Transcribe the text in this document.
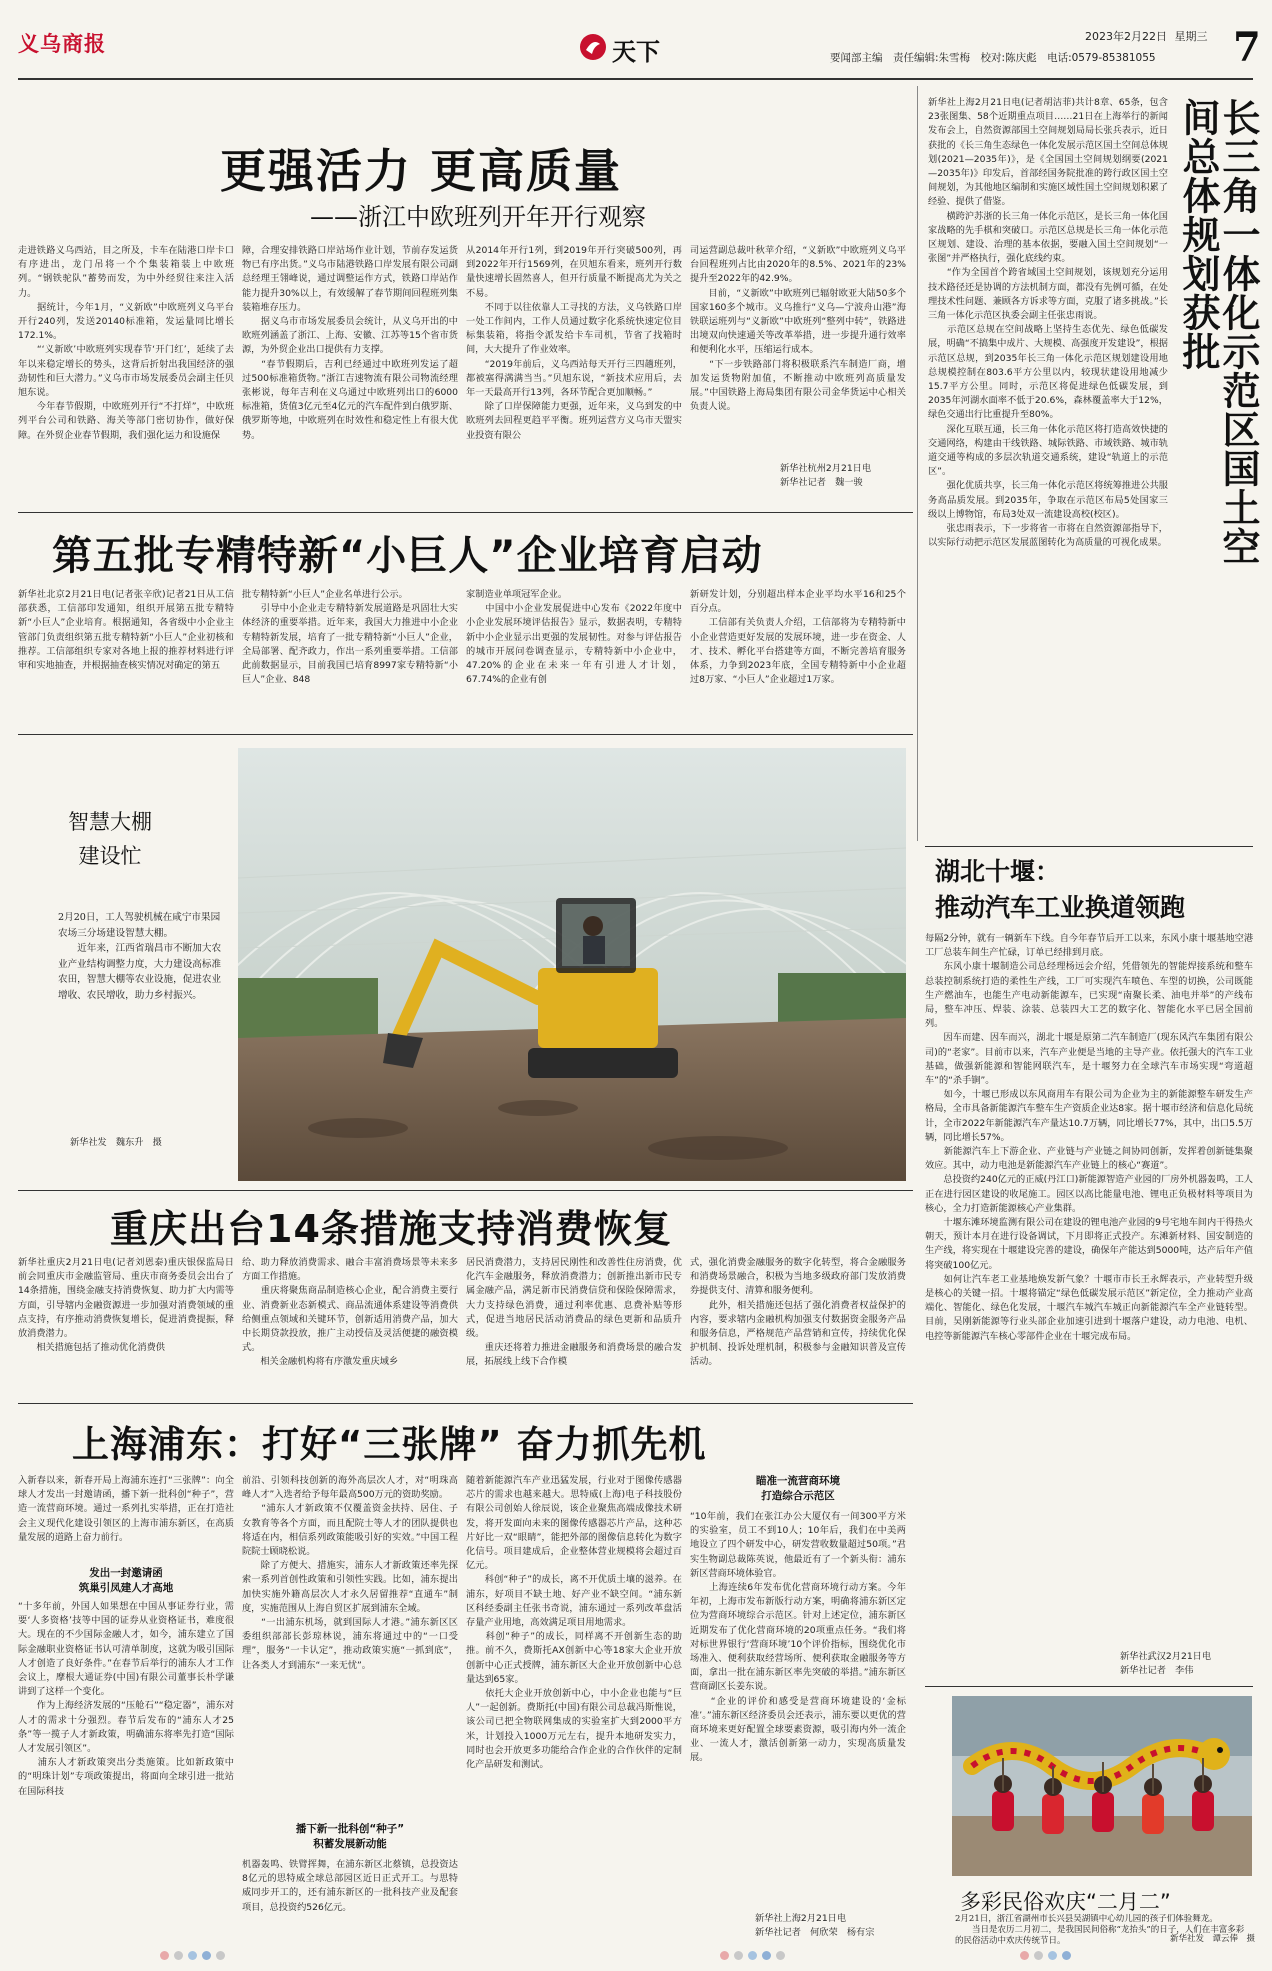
义乌商报	天下
2023年2月22日 星期三
要闻部主编　责任编辑:朱雪梅　校对:陈庆彪　电话:0579-85381055 7
更强活力 更高质量
——浙江中欧班列开年开行观察
走进铁路义乌西站，目之所及，卡车在陆港口岸卡口有序进出，龙门吊将一个个集装箱装上中欧班列。“钢铁驼队”蓄势而发，为中外经贸往来注入活力。
　　据统计，今年1月，“义新欧”中欧班列义乌平台开行240列，发送20140标准箱，发运量同比增长172.1%。
　　“‘义新欧’中欧班列实现春节‘开门红’，延续了去年以来稳定增长的势头，这背后折射出我国经济的强劲韧性和巨大潜力。”义乌市市场发展委员会副主任贝旭东说。
　　今年春节假期，中欧班列开行“不打烊”，中欧班列平台公司和铁路、海关等部门密切协作，做好保障。在外贸企业春节假期，我们强化运力和设施保
障，合理安排铁路口岸站场作业计划，节前存发运货物已有序出货。”义乌市陆港铁路口岸发展有限公司副总经理王翎峰说，通过调整运作方式，铁路口岸站作能力提升30%以上，有效缓解了春节期间回程班列集装箱堆存压力。
　　据义乌市市场发展委员会统计，从义乌开出的中欧班列涵盖了浙江、上海、安徽、江苏等15个省市货源，为外贸企业出口提供有力支撑。
　　“春节假期后，吉利已经通过中欧班列发运了超过500标准箱货物。”浙江吉速物流有限公司物流经理张彬说，每年吉利在义乌通过中欧班列出口的6000标准箱，货值3亿元至4亿元的汽车配件到白俄罗斯、俄罗斯等地，中欧班列在时效性和稳定性上有很大优势。
从2014年开行1列，到2019年开行突破500列，再到2022年开行1569列，在贝旭东看来，班列开行数量快速增长固然喜人，但开行质量不断提高尤为关之不易。
　　不同于以往依靠人工寻找的方法，义乌铁路口岸一处工作间内，工作人员通过数字化系统快速定位目标集装箱，将指令派发给卡车司机，节省了找箱时间，大大提升了作业效率。
　　“2019年前后，义乌西站每天开行三四趟班列，都被塞得满满当当。”贝旭东说，“新技术应用后，去年一天最高开行13列，各环节配合更加顺畅。”
　　除了口岸保障能力更强，近年来，义乌到发的中欧班列去回程更趋平平衡。班列运营方义乌市天盟实业投资有限公
司运营副总裁叶秋苹介绍，“义新欧”中欧班列义乌平台回程班列占比由2020年的8.5%、2021年的23%提升至2022年的42.9%。
　　目前，“义新欧”中欧班列已辐射欧亚大陆50多个国家160多个城市。义乌推行“义乌—宁波舟山港”海铁联运班列与“义新欧”中欧班列“整列中转”，铁路进出境双向快速通关等改革举措，进一步提升通行效率和便利化水平，压缩运行成本。
　　“下一步铁路部门将积极联系汽车制造厂商，增加发运货物附加值，不断推动中欧班列高质量发展。”中国铁路上海局集团有限公司金华货运中心相关负责人说。
新华社杭州2月21日电
新华社记者　魏一骏	长三角一体化示范区国土空间总体规划获批
新华社上海2月21日电(记者胡洁菲)共计8章、65条，包含23张图集、58个近期重点项目……21日在上海举行的新闻发布会上，自然资源部国土空间规划局局长张兵表示，近日获批的《长三角生态绿色一体化发展示范区国土空间总体规划(2021—2035年)》，是《全国国土空间规划纲要(2021—2035年)》印发后，首部经国务院批准的跨行政区国土空间规划，为其他地区编制和实施区域性国土空间规划积累了经验、提供了借鉴。
　　横跨沪苏浙的长三角一体化示范区，是长三角一体化国家战略的先手棋和突破口。示范区总规是长三角一体化示范区规划、建设、治理的基本依据，要融入国土空间规划“一张图”并严格执行，强化底线约束。
　　“作为全国首个跨省域国土空间规划，该规划充分运用技术路径还是协调的方法机制方面，都没有先例可循，在处理技术性问题、兼顾各方诉求等方面，克服了诸多挑战。”长三角一体化示范区执委会副主任张忠雨说。
　　示范区总规在空间战略上坚持生态优先、绿色低碳发展，明确“不搞集中成片、大规模、高强度开发建设”，根据示范区总规，到2035年长三角一体化示范区规划建设用地总规模控制在803.6平方公里以内，较现状建设用地减少15.7平方公里。同时，示范区将促进绿色低碳发展，到2035年河湖水面率不低于20.6%，森林覆盖率大于12%，绿色交通出行比重提升至80%。
　　深化互联互通，长三角一体化示范区将打造高效快捷的交通网络，构建由干线铁路、城际铁路、市域铁路、城市轨道交通等构成的多层次轨道交通系统，建设“轨道上的示范区”。
　　强化优质共享，长三角一体化示范区将统筹推进公共服务高品质发展。到2035年，争取在示范区布局5处国家三级以上博物馆，布局3处双一流建设高校(校区)。
　　张忠雨表示，下一步将省一市将在自然资源部指导下，以实际行动把示范区发展蓝图转化为高质量的可视化成果。
第五批专精特新“小巨人”企业培育启动
新华社北京2月21日电(记者张辛欣)记者21日从工信部获悉，工信部印发通知，组织开展第五批专精特新“小巨人”企业培育。根据通知，各省级中小企业主管部门负责组织第五批专精特新“小巨人”企业初核和推荐。工信部组织专家对各地上报的推荐材料进行评审和实地抽查，并根据抽查核实情况对确定的第五
批专精特新“小巨人”企业名单进行公示。
　　引导中小企业走专精特新发展道路是巩固壮大实体经济的重要举措。近年来，我国大力推进中小企业专精特新发展，培育了一批专精特新“小巨人”企业，全局部署、配齐政力，作出一系列重要举措。工信部此前数据显示，目前我国已培育8997家专精特新“小巨人”企业、848
家制造业单项冠军企业。
　　中国中小企业发展促进中心发布《2022年度中小企业发展环境评估报告》显示，数据表明，专精特新中小企业显示出更强的发展韧性。对参与评估报告的城市开展问卷调查显示，专精特新中小企业中，47.20%的企业在未来一年有引进人才计划，67.74%的企业有创
新研发计划，分别超出样本企业平均水平16和25个百分点。
　　工信部有关负责人介绍，工信部将为专精特新中小企业营造更好发展的发展环境，进一步在资金、人才、技术、孵化平台搭建等方面，不断完善培育服务体系，力争到2023年底，全国专精特新中小企业超过8万家、“小巨人”企业超过1万家。
智慧大棚
建设忙
2月20日，工人驾驶机械在咸宁市果园农场三分场建设智慧大棚。
　　近年来，江西省瑞昌市不断加大农业产业结构调整力度，大力建设高标准农田，智慧大棚等农业设施，促进农业增收、农民增收，助力乡村振兴。
新华社发　魏东升　摄
湖北十堰：
推动汽车工业换道领跑
每隔2分钟，就有一辆新车下线。自今年春节后开工以来，东风小康十堰基地空港工厂总装车间生产忙碌，订单已经排到月底。
　　东风小康十堰制造公司总经理杨远会介绍，凭借领先的智能焊接系统和整车总装控制系统打造的柔性生产线，工厂可实现汽车喷色、车型的切换，公司既能生产燃油车，也能生产电动新能源车，已实现“南聚长柔、油电并举”的产线布局，整车冲压、焊装、涂装、总装四大工艺的数字化、智能化水平已居全国前列。
　　因车而建、因车而兴，湖北十堰是原第二汽车制造厂(现东风汽车集团有限公司)的“老家”。目前市以来，汽车产业便是当地的主导产业。依托强大的汽车工业基础，做强新能源和智能网联汽车，是十堰努力在全球汽车市场实现“弯道超车”的“杀手锏”。
　　如今，十堰已形成以东风商用车有限公司为企业为主的新能源整车研发生产格局，全市具备新能源汽车整车生产资质企业达8家。据十堰市经济和信息化局统计，全市2022年新能源汽车产量达10.7万辆，同比增长77%，其中，出口5.5万辆，同比增长57%。
　　新能源汽车上下游企业、产业链与产业链之间协同创新，发挥着创新链集聚效应。其中，动力电池是新能源汽车产业链上的核心“赛道”。
　　总投资约240亿元的正威(丹江口)新能源智造产业园的厂房外机器轰鸣，工人正在进行园区建设的收尾施工。园区以高比能量电池、锂电正负极材料等项目为核心，全力打造新能源核心产业集群。
　　十堰东滩环境监测有限公司在建设的锂电池产业园的9号宅地车间内干得热火朝天，预计本月在进行设备调试，下月即将正式投产。东滩新材料、国安制造的生产线，将实现在十堰建设完善的建设，确保年产能达到5000吨，达产后年产值将突破100亿元。
　　如何让汽车老工业基地焕发新气象？十堰市市长王永辉表示，产业转型升级是核心的关键一招。十堰将锚定“绿色低碳发展示范区”新定位，全力推动产业高端化、智能化、绿色化发展，十堰汽车城汽车城正向新能源汽车全产业链转型。目前，吴刚新能源等行业头部企业加速引进到十堰落户建设，动力电池、电机、电控等新能源汽车核心零部件企业在十堰完成布局。
新华社武汉2月21日电
新华社记者　李伟
重庆出台14条措施支持消费恢复
新华社重庆2月21日电(记者刘恩泰)重庆银保监局日前会同重庆市金融监管局、重庆市商务委员会出台了14条措施，围绕金融支持消费恢复、助力扩大内需等方面，引导辖内金融资源进一步加强对消费领域的重点支持，有序推动消费恢复增长，促进消费提振，释放消费潜力。
　　相关措施包括了推动优化消费供
给、助力释放消费需求、融合丰富消费场景等未来多方面工作措施。
　　重庆将聚焦商品制造核心企业，配合消费主要行业、消费新业态新模式、商品流通体系建设等消费供给侧重点领域和关键环节，创新适用消费产品，加大中长期贷款投放，推广主动授信及灵活便捷的融资模式。
　　相关金融机构将有序激发重庆域乡
居民消费潜力，支持居民刚性和改善性住房消费，优化汽车金融服务，释放消费潜力；创新推出新市民专属金融产品，满足新市民消费信贷和保险保障需求，大力支持绿色消费，通过利率优惠、息费补贴等形式，促进当地居民活动消费品的绿色更新和品质升级。
　　重庆还将着力推进金融服务和消费场景的融合发展，拓展线上线下合作模
式，强化消费金融服务的数字化转型，将合金融服务和消费场景融合，积极为当地多级政府部门发放消费券提供支付、清算和服务便利。
　　此外，相关措施还包括了强化消费者权益保护的内容，要求辖内金融机构加强支付数据资金服务产品和服务信息，严格规范产品营销和宣传，持续优化保护机制、投诉处理机制，积极参与金融知识普及宣传活动。
上海浦东：打好“三张牌” 奋力抓先机
入新春以来，新春开局上海浦东连打“三张牌”：向全球人才发出一封邀请函，播下新一批科创“种子”，营造一流营商环境。通过一系列扎实举措，正在打造社会主义现代化建设引领区的上海市浦东新区，在高质量发展的道路上奋力前行。
发出一封邀请函
筑巢引凤建人才高地
“十多年前，外国人如果想在中国从事证券行业，需要‘人多资格’技等中国的证券从业资格证书，难度很大。现在的不少国际金融人才，如今，浦东建立了国际金融职业资格证书认可清单制度，这就为吸引国际人才创造了良好条件。”在春节后举行的浦东人才工作会议上，摩根大通证券(中国)有限公司董事长朴学谦讲到了这样一个变化。
　　作为上海经济发展的“压舱石”“稳定器”，浦东对人才的需求十分强烈。春节后发布的“浦东人才25条”等一揽子人才新政策，明确浦东将率先打造“国际人才发展引领区”。
　　浦东人才新政策突出分类施策。比如新政策中的“明珠计划”专项政策提出，将面向全球引进一批站在国际科技
前沿、引领科技创新的海外高层次人才，对“明珠高峰人才”入选者给予每年最高500万元的资助奖励。
　　“浦东人才新政策不仅覆盖资金扶持、居住、子女教育等各个方面，而且配院士等人才的团队提供也将适在内，相信系列政策能吸引好的实效。”中国工程院院士顾晓松说。
　　除了方便大、措施实，浦东人才新政策还率先探索一系列首创性政策和引领性实践。比如，浦东提出加快实施外籍高层次人才永久居留推荐“直通车”制度，实施范围从上海自贸区扩展到浦东全域。
　　“一出浦东机场，就到国际人才港。”浦东新区区委组织部部长彭琼林说，浦东将通过中的“一口受理”，服务“一卡认定”，推动政策实施“一抓到底”，让各类人才到浦东“一来无忧”。
播下新一批科创“种子”
积蓄发展新动能
机器轰鸣、铁臂挥舞，在浦东新区北蔡镇，总投资达8亿元的思特威全球总部园区近日正式开工。与思特威同步开工的，还有浦东新区的一批科技产业及配套项目，总投资约526亿元。
随着新能源汽车产业迅猛发展，行业对于图像传感器芯片的需求也越来越大。思特威(上海)电子科技股份有限公司创始人徐辰说，该企业聚焦高端成像技术研发，将开发面向未来的图像传感器芯片产品，这种芯片好比一双“眼睛”，能把外部的图像信息转化为数字化信号。项目建成后，企业整体营业规模将会超过百亿元。
　　科创“种子”的成长，离不开优质土壤的滋养。在浦东，好项目不缺土地、好产业不缺空间。“浦东新区科经委副主任张书奇说，浦东通过一系列改革盘活存量产业用地，高效满足项目用地需求。
　　科创“种子”的成长，同样离不开创新生态的助推。前不久，费斯托AX创新中心等18家大企业开放创新中心正式授牌，浦东新区大企业开放创新中心总量达到65家。
　　依托大企业开放创新中心，中小企业也能与“巨人”一起创新。费斯托(中国)有限公司总裁冯斯惟说，该公司已把全物联网集成的实验室扩大到2000平方米，计划投入1000万元左右，提升本地研发实力，同时也会开放更多功能给合作企业的合作伙伴的定制化产品研发和测试。
瞄准一流营商环境
打造综合示范区
“10年前，我们在张江办公大厦仅有一间300平方米的实验室，员工不到10人；10年后，我们在中美两地设立了四个研发中心，研发营收数量超过50项。”君实生物副总裁陈英说，他最近有了一个新头衔：浦东新区营商环境体验官。
　　上海连续6年发布优化营商环境行动方案。今年年初，上海市发布新版行动方案，明确将浦东新区定位为营商环境综合示范区。针对上述定位，浦东新区近期发布了优化营商环境的20项重点任务。“我们将对标世界银行‘营商环境’10个评价指标，围绕优化市场准入、便利获取经营场所、便利获取金融服务等方面，拿出一批在浦东新区率先突破的举措。”浦东新区营商副区长姜东说。
　　“企业的评价和感受是营商环境建设的‘金标准’。”浦东新区经济委员会还表示，浦东要以更优的营商环境来更好配置全球要素资源，吸引海内外一流企业、一流人才，激活创新第一动力，实现高质量发展。
新华社上海2月21日电
新华社记者　何欣荣　杨有宗
多彩民俗欢庆“二月二”
2月21日，浙江省湖州市长兴县吴湖镇中心幼儿园的孩子们体验舞龙。
　　当日是农历二月初二，是我国民间俗称“龙抬头”的日子，人们在丰富多彩的民俗活动中欢庆传统节日。	新华社发　谭云俸　摄
